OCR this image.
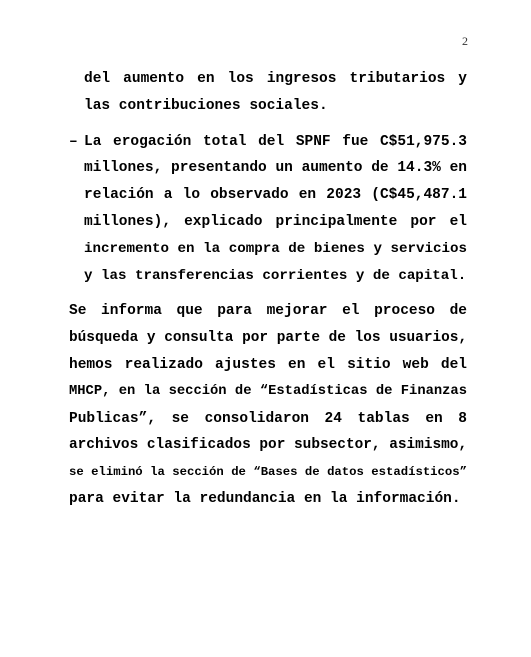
2
del aumento en los ingresos tributarios y
las contribuciones sociales.
– La erogación total del SPNF fue C$51,975.3
millones, presentando un aumento de 14.3% en
relación a lo observado en 2023 (C$45,487.1
millones), explicado principalmente por el
incremento en la compra de bienes y servicios
y las transferencias corrientes y de capital.
Se informa que para mejorar el proceso de
búsqueda y consulta por parte de los usuarios,
hemos realizado ajustes en el sitio web del
MHCP, en la sección de “Estadísticas de Finanzas
Publicas”, se consolidaron 24 tablas en 8
archivos clasificados por subsector, asimismo,
se eliminó la sección de “Bases de datos estadísticos”
para evitar la redundancia en la información.
